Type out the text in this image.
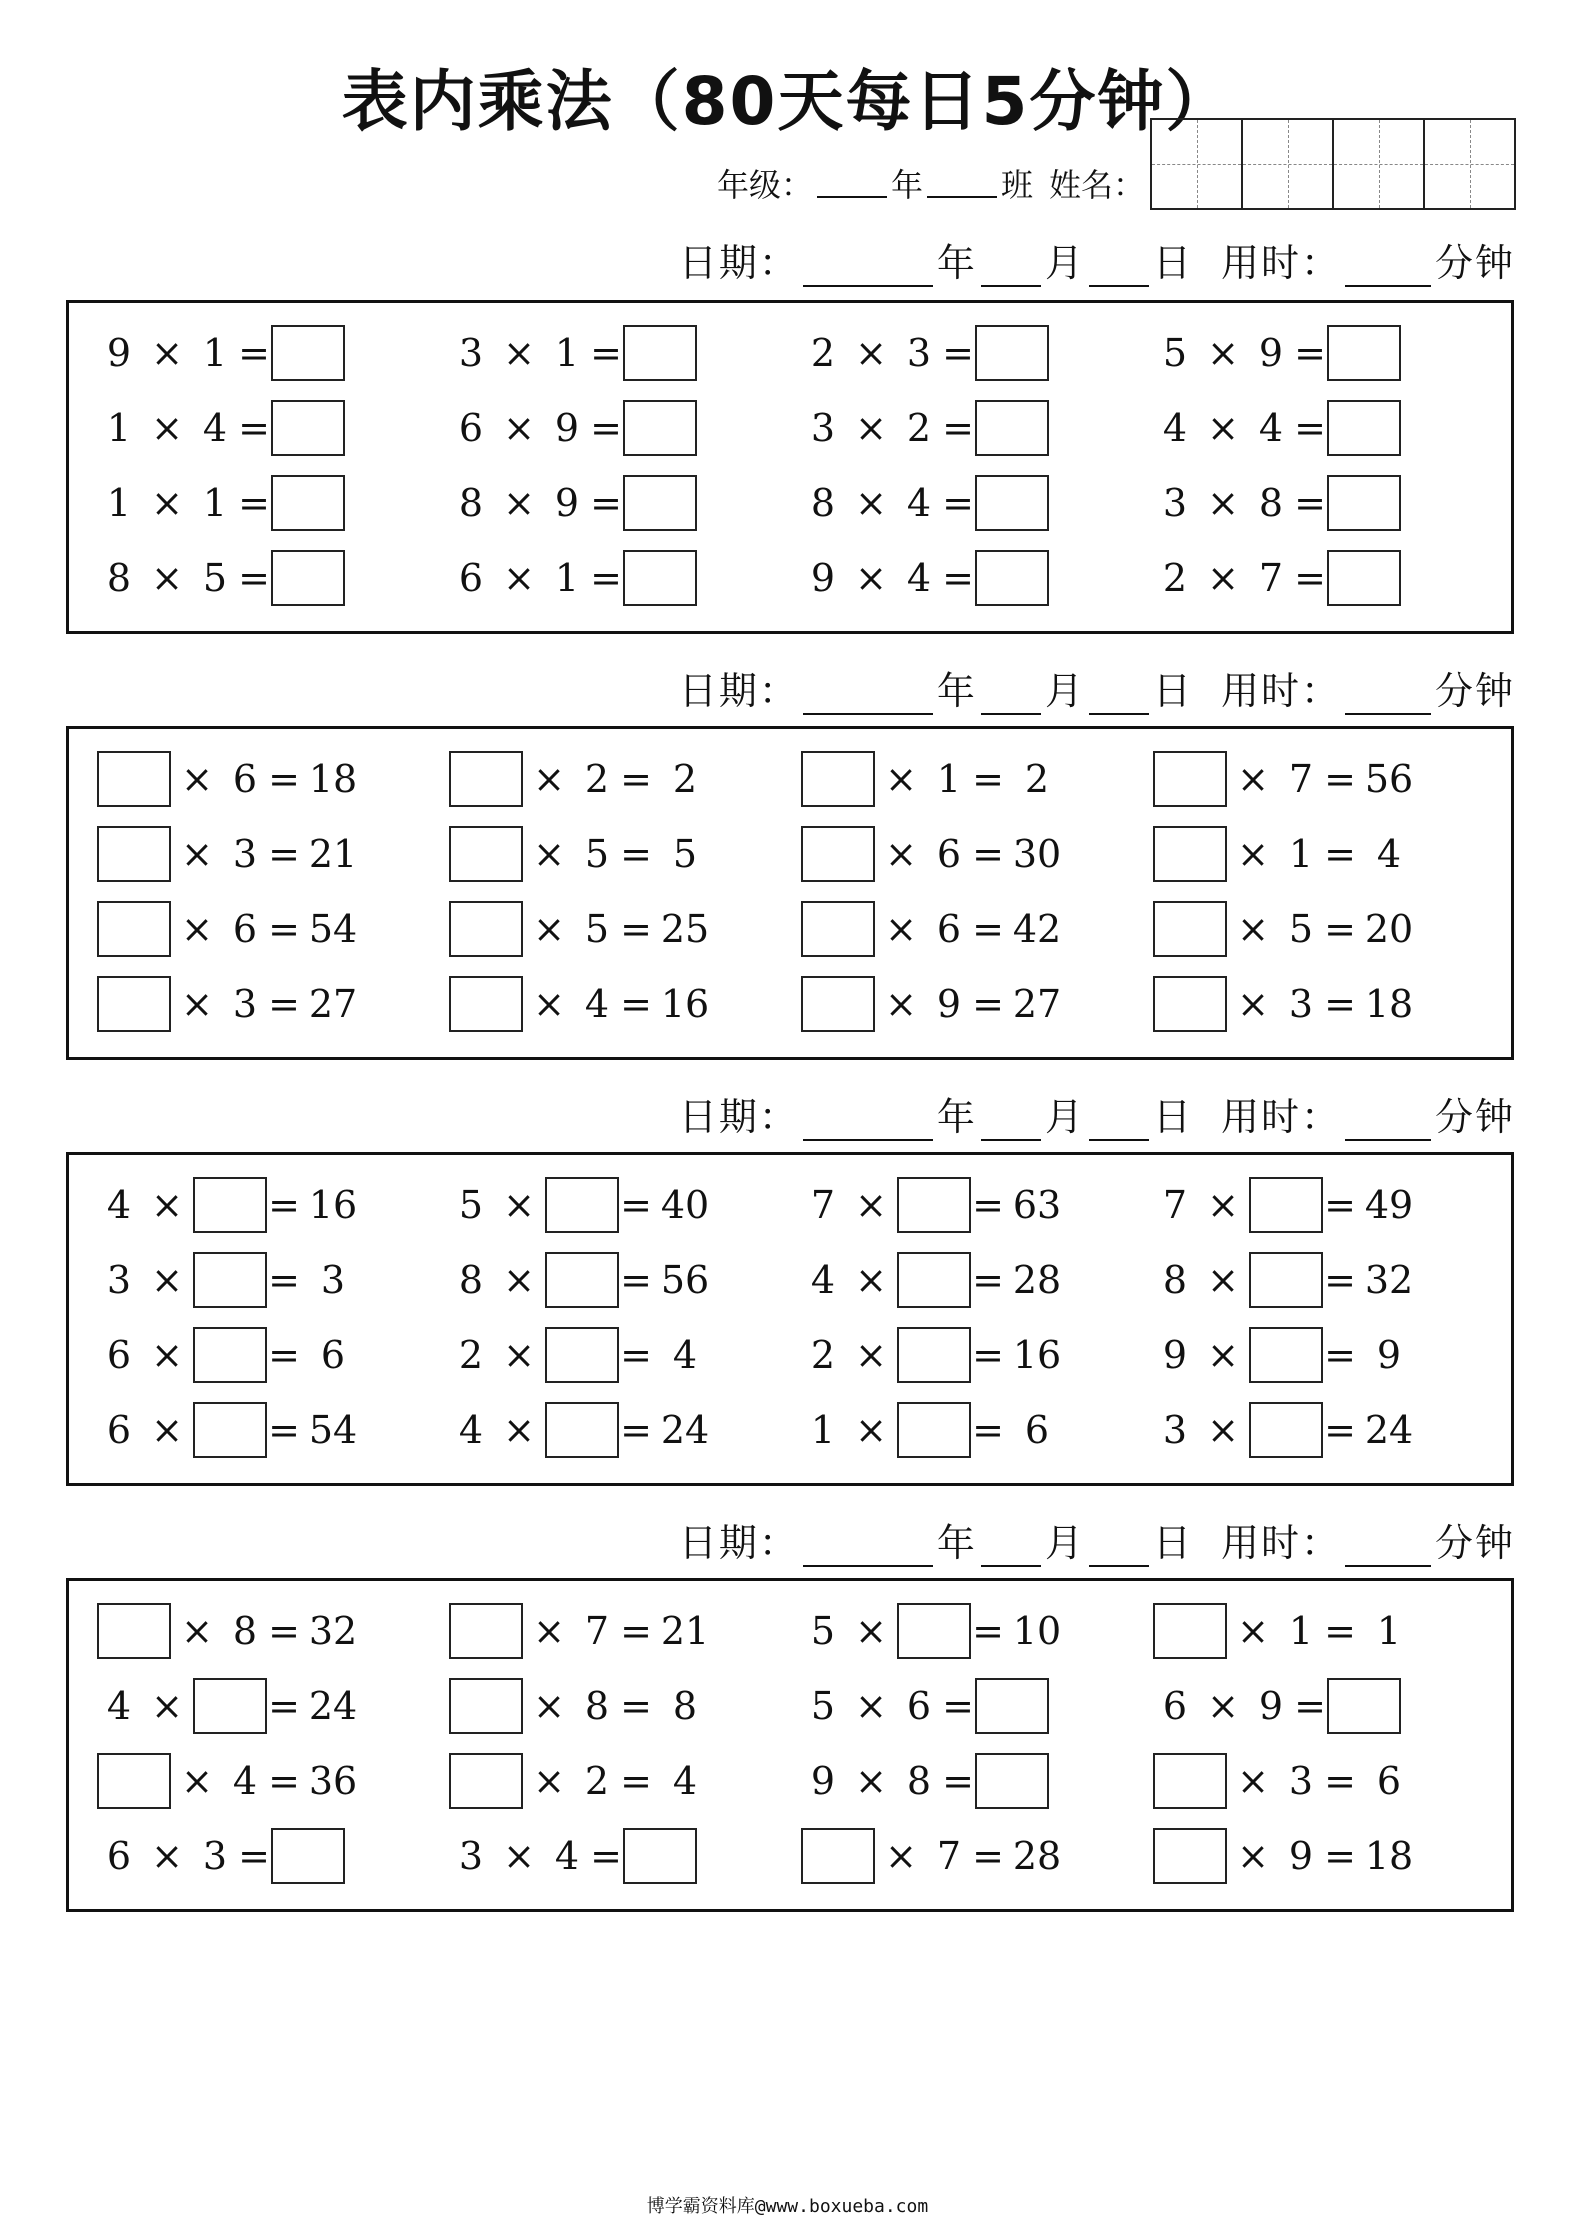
表内乘法（80天每日5分钟）
年级： 年 班 姓名：
日期：	年 月 日 用时： 分钟
日期：	年 月 日 用时： 分钟
日期：	年 月 日 用时： 分钟
日期：	年 月 日 用时： 分钟
9 × 1 =	3 × 1 =	2 × 3 =	5 × 9 =
1 × 4 =	6 × 9 =	3 × 2 =	4 × 4 =
1 × 1 =	8 × 9 =	8 × 4 =	3 × 8 =
8 × 5 =	6 × 1 =	9 × 4 =	2 × 7 =
× 6 = 18	× 2 = 2	× 1 = 2	× 7 = 56
× 3 = 21	× 5 = 5	× 6 = 30	× 1 = 4
× 6 = 54	× 5 = 25	× 6 = 42	× 5 = 20
× 3 = 27	× 4 = 16	× 9 = 27	× 3 = 18
4 × = 16	5 × = 40	7 × = 63	7 × = 49
3 × = 3	8 × = 56	4 × = 28	8 × = 32
6 × = 6	2 × = 4	2 × = 16	9 × = 9
6 × = 54	4 × = 24	1 × = 6	3 × = 24
× 8 = 32	× 7 = 21	5 × = 10	× 1 = 1
4 × = 24	× 8 = 8	5 × 6 =	6 × 9 =
× 4 = 36	× 2 = 4	9 × 8 =	× 3 = 6
6 × 3 =	3 × 4 =	× 7 = 28	× 9 = 18
博学霸资料库@www.boxueba.com
